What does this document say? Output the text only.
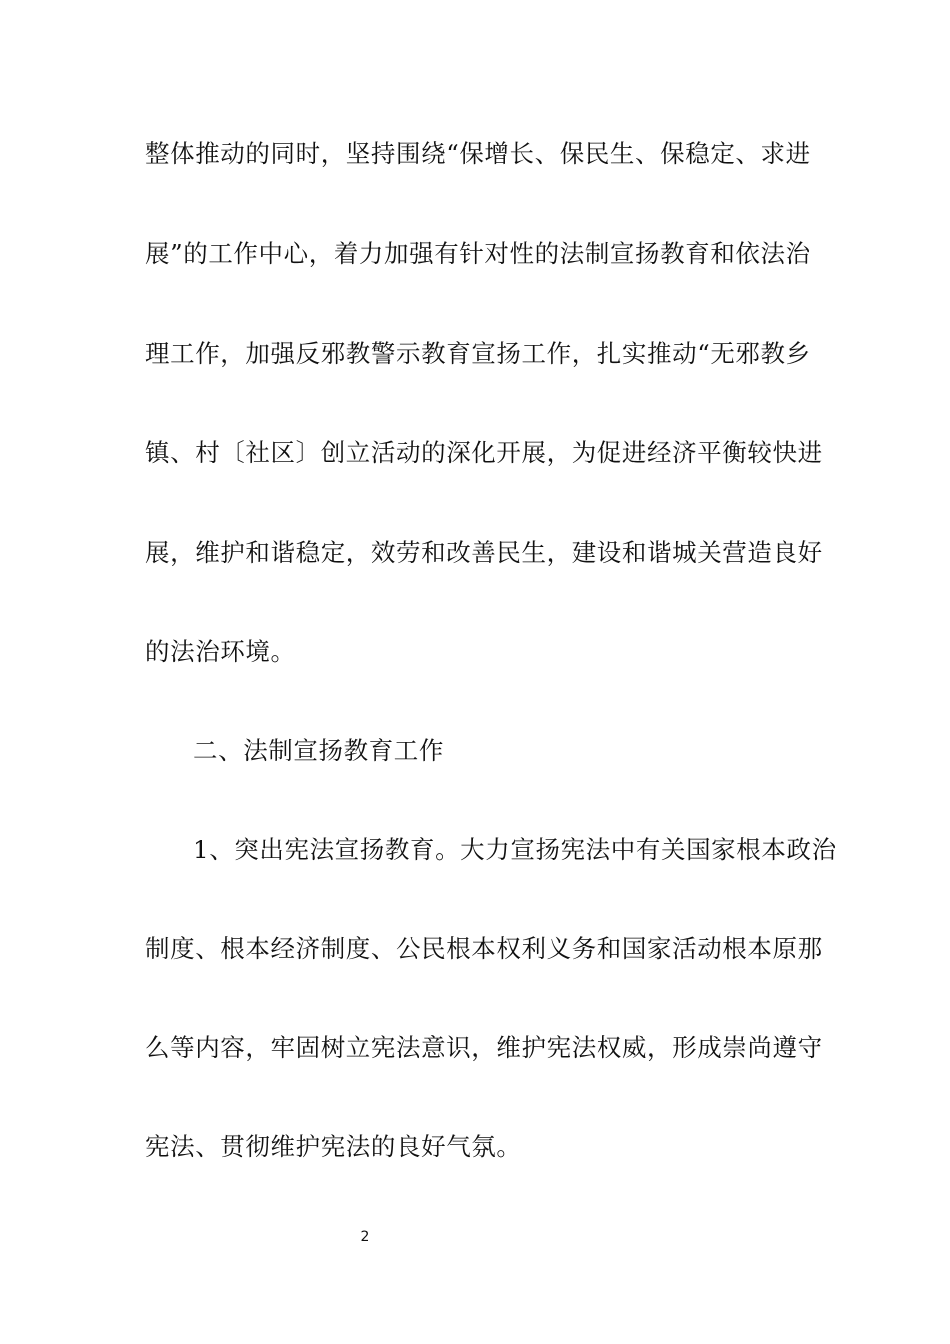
整体推动的同时，坚持围绕“保增长、保民生、保稳定、求进
展”的工作中心，着力加强有针对性的法制宣扬教育和依法治
理工作，加强反邪教警示教育宣扬工作，扎实推动“无邪教乡
镇、村〔社区〕创立活动的深化开展，为促进经济平衡较快进
展，维护和谐稳定，效劳和改善民生，建设和谐城关营造良好
的法治环境。
二、法制宣扬教育工作
1、突出宪法宣扬教育。大力宣扬宪法中有关国家根本政治
制度、根本经济制度、公民根本权利义务和国家活动根本原那
么等内容，牢固树立宪法意识，维护宪法权威，形成崇尚遵守
宪法、贯彻维护宪法的良好气氛。
2
